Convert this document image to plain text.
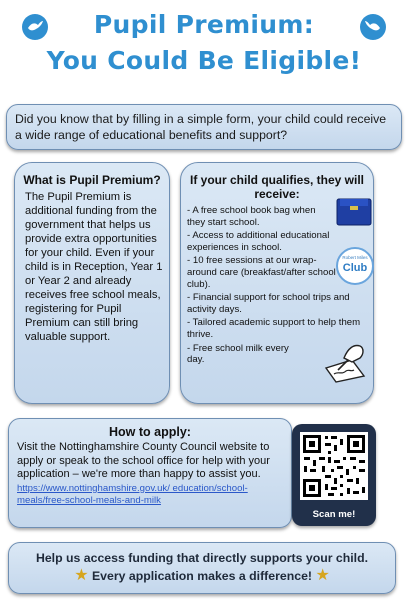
Pupil Premium:
You Could Be Eligible!

Did you know that by filling in a simple form, your child could receive a wide range of educational benefits and support?

What is Pupil Premium?

The Pupil Premium is additional funding from the government that helps us provide extra opportunities for your child. Even if your child is in Reception, Year 1 or Year 2 and already receives free school meals, registering for Pupil Premium can still bring valuable support.

If your child qualifies, they will receive:
- A free school book bag when they start school.
- Access to additional educational experiences in school.
- 10 free sessions at our wrap-around care (breakfast/after school club).
- Financial support for school trips and activity days.
- Tailored academic support to help them thrive.
- Free school milk every day.
Robert Miles
Club
How to apply:

Visit the Nottinghamshire County Council website to apply or speak to the school office for help with your application – we're more than happy to assist you.

https://www.nottinghamshire.gov.uk/ education/school-meals/free-school-meals-and-milk
Scan me!

Help us access funding that directly supports your child.

★ Every application makes a difference! ★
